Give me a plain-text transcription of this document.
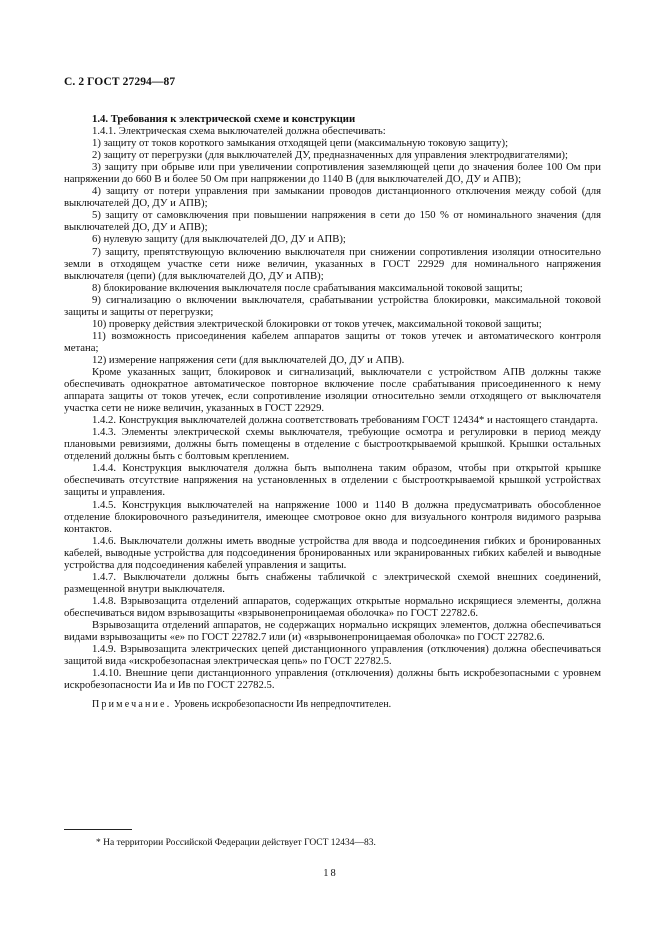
С. 2 ГОСТ 27294—87

1.4. Требования к электрической схеме и конструкции

1.4.1. Электрическая схема выключателей должна обеспечивать:

1) защиту от токов короткого замыкания отходящей цепи (максимальную токовую защиту);

2) защиту от перегрузки (для выключателей ДУ, предназначенных для управления электродвигателями);

3) защиту при обрыве или при увеличении сопротивления заземляющей цепи до значения более 100 Ом при напряжении до 660 В и более 50 Ом при напряжении до 1140 В (для выключателей ДО, ДУ и АПВ);

4) защиту от потери управления при замыкании проводов дистанционного отключения между собой (для выключателей ДО, ДУ и АПВ);

5) защиту от самовключения при повышении напряжения в сети до 150 % от номинального значения (для выключателей ДО, ДУ и АПВ);

6) нулевую защиту (для выключателей ДО, ДУ и АПВ);

7) защиту, препятствующую включению выключателя при снижении сопротивления изоляции относительно земли в отходящем участке сети ниже величин, указанных в ГОСТ 22929 для номинального напряжения выключателя (цепи) (для выключателей ДО, ДУ и АПВ);

8) блокирование включения выключателя после срабатывания максимальной токовой защиты;

9) сигнализацию о включении выключателя, срабатывании устройства блокировки, максимальной токовой защиты и защиты от перегрузки;

10) проверку действия электрической блокировки от токов утечек, максимальной токовой защиты;

11) возможность присоединения кабелем аппаратов защиты от токов утечек и автоматического контроля метана;

12) измерение напряжения сети (для выключателей ДО, ДУ и АПВ).

Кроме указанных защит, блокировок и сигнализаций, выключатели с устройством АПВ должны также обеспечивать однократное автоматическое повторное включение после срабатывания присоединенного к нему аппарата защиты от токов утечек, если сопротивление изоляции относительно земли отходящего от выключателя участка сети не ниже величин, указанных в ГОСТ 22929.

1.4.2. Конструкция выключателей должна соответствовать требованиям ГОСТ 12434* и настоящего стандарта.

1.4.3. Элементы электрической схемы выключателя, требующие осмотра и регулировки в период между плановыми ревизиями, должны быть помещены в отделение с быстрооткрываемой крышкой. Крышки остальных отделений должны быть с болтовым креплением.

1.4.4. Конструкция выключателя должна быть выполнена таким образом, чтобы при открытой крышке обеспечивать отсутствие напряжения на установленных в отделении с быстрооткрываемой крышкой устройствах защиты и управления.

1.4.5. Конструкция выключателей на напряжение 1000 и 1140 В должна предусматривать обособленное отделение блокировочного разъединителя, имеющее смотровое окно для визуального контроля видимого разрыва контактов.

1.4.6. Выключатели должны иметь вводные устройства для ввода и подсоединения гибких и бронированных кабелей, выводные устройства для подсоединения бронированных или экранированных гибких кабелей и выводные устройства для подсоединения кабелей управления и защиты.

1.4.7. Выключатели должны быть снабжены табличкой с электрической схемой внешних соединений, размещенной внутри выключателя.

1.4.8. Взрывозащита отделений аппаратов, содержащих открытые нормально искрящиеся элементы, должна обеспечиваться видом взрывозащиты «взрывонепроницаемая оболочка» по ГОСТ 22782.6.

Взрывозащита отделений аппаратов, не содержащих нормально искрящих элементов, должна обеспечиваться видами взрывозащиты «е» по ГОСТ 22782.7 или (и) «взрывонепроницаемая оболочка» по ГОСТ 22782.6.

1.4.9. Взрывозащита электрических цепей дистанционного управления (отключения) должна обеспечиваться защитой вида «искробезопасная электрическая цепь» по ГОСТ 22782.5.

1.4.10. Внешние цепи дистанционного управления (отключения) должны быть искробезопасными с уровнем искробезопасности Иа и Ив по ГОСТ 22782.5.

Примечание. Уровень искробезопасности Ив непредпочтителен.

* На территории Российской Федерации действует ГОСТ 12434—83.
18
